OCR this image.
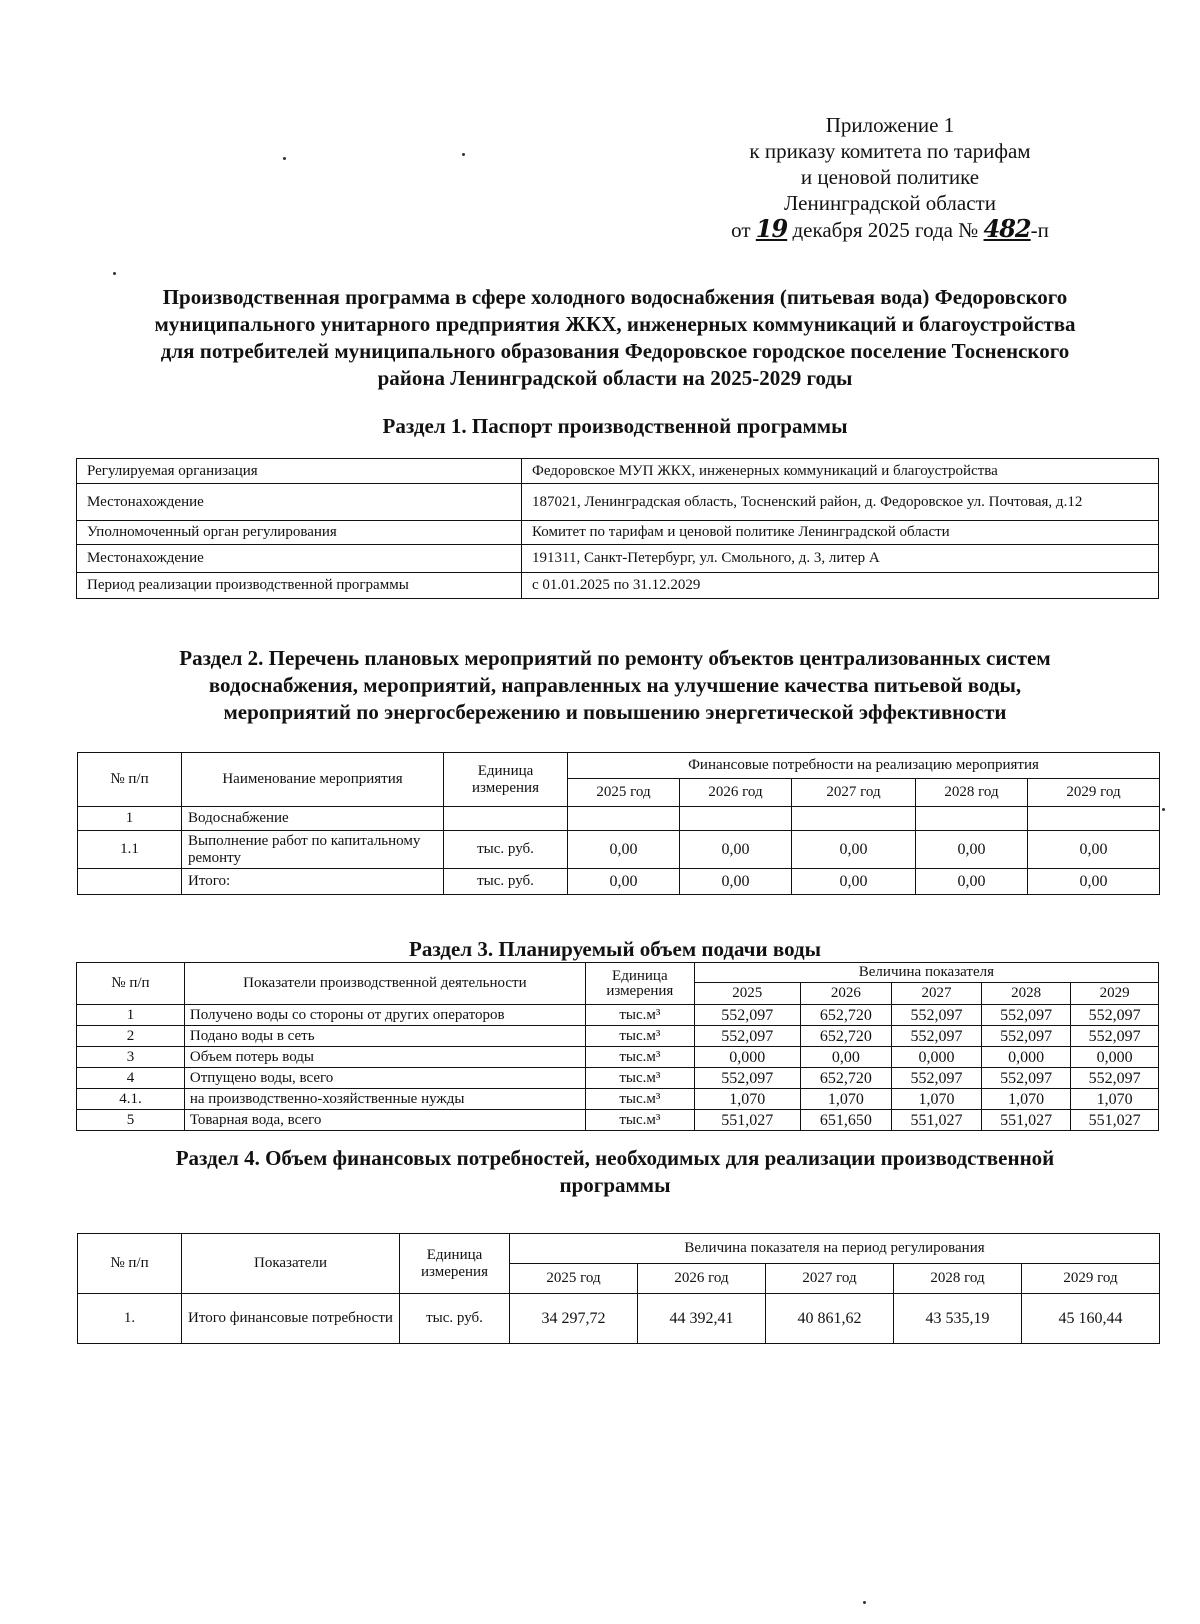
Приложение 1
к приказу комитета по тарифам
и ценовой политике
Ленинградской области
от 19 декабря 2025 года № 482-п
Производственная программа в сфере холодного водоснабжения (питьевая вода) Федоровского
муниципального унитарного предприятия ЖКХ, инженерных коммуникаций и благоустройства
для потребителей муниципального образования Федоровское городское поселение Тосненского
района Ленинградской области на 2025-2029 годы
Раздел 1. Паспорт производственной программы
Регулируемая организация	Федоровское МУП ЖКХ, инженерных коммуникаций и благоустройства
Местонахождение	187021, Ленинградская область, Тосненский район, д. Федоровское ул. Почтовая, д.12
Уполномоченный орган регулирования	Комитет по тарифам и ценовой политике Ленинградской области
Местонахождение	191311, Санкт-Петербург, ул. Смольного, д. 3, литер А
Период реализации производственной программы	с 01.01.2025 по 31.12.2029
Раздел 2. Перечень плановых мероприятий по ремонту объектов централизованных систем
водоснабжения, мероприятий, направленных на улучшение качества питьевой воды,
мероприятий по энергосбережению и повышению энергетической эффективности
№ п/п	Наименование мероприятия	Единица измерения	Финансовые потребности на реализацию мероприятия				
			2025 год	2026 год	2027 год	2028 год	2029 год
1	Водоснабжение						
1.1	Выполнение работ по капитальному ремонту	тыс. руб.	0,00	0,00	0,00	0,00	0,00
	Итого:	тыс. руб.	0,00	0,00	0,00	0,00	0,00
Раздел 3. Планируемый объем подачи воды
№ п/п	Показатели производственной деятельности	Единица измерения	Величина показателя				
			2025	2026	2027	2028	2029
1	Получено воды со стороны от других операторов	тыс.м³	552,097	652,720	552,097	552,097	552,097
2	Подано воды в сеть	тыс.м³	552,097	652,720	552,097	552,097	552,097
3	Объем потерь воды	тыс.м³	0,000	0,00	0,000	0,000	0,000
4	Отпущено воды, всего	тыс.м³	552,097	652,720	552,097	552,097	552,097
4.1.	на производственно-хозяйственные нужды	тыс.м³	1,070	1,070	1,070	1,070	1,070
5	Товарная вода, всего	тыс.м³	551,027	651,650	551,027	551,027	551,027
Раздел 4. Объем финансовых потребностей, необходимых для реализации производственной
программы
№ п/п	Показатели	Единица измерения	Величина показателя на период регулирования				
			2025 год	2026 год	2027 год	2028 год	2029 год
1.	Итого финансовые потребности	тыс. руб.	34 297,72	44 392,41	40 861,62	43 535,19	45 160,44
